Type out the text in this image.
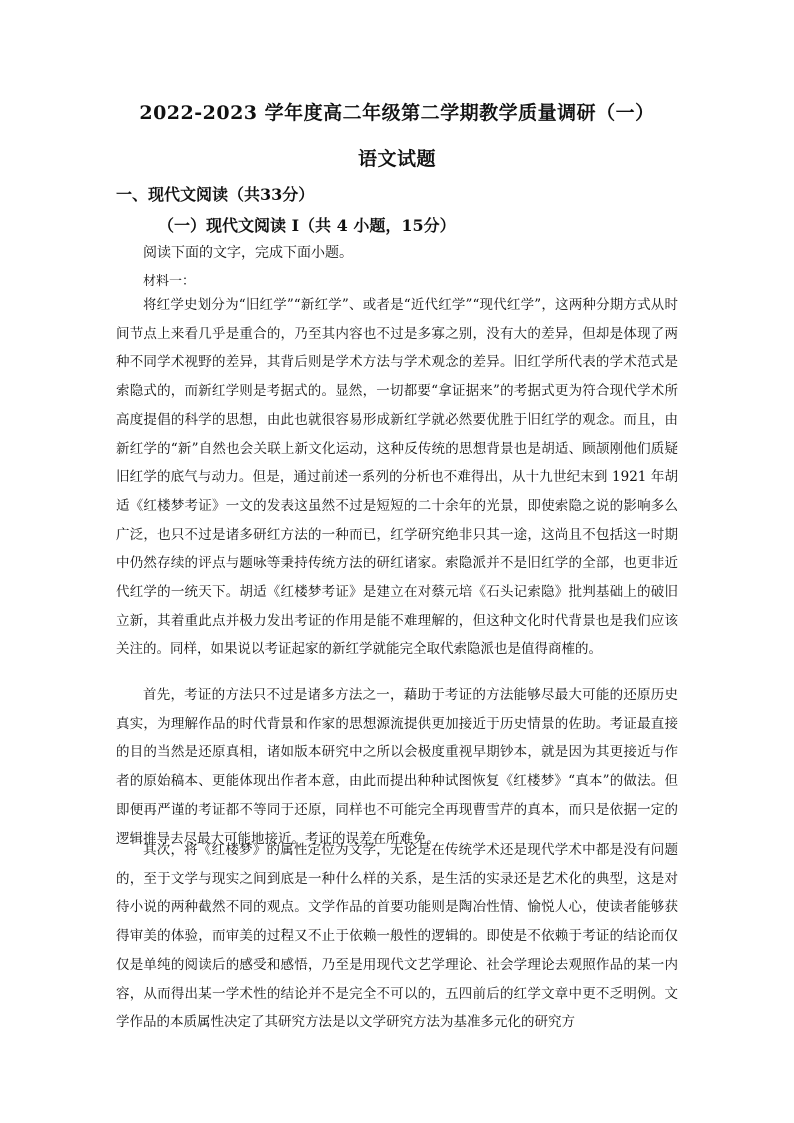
2022-2023 学年度高二年级第二学期教学质量调研（一）
语文试题
一、现代文阅读（共33分）
（一）现代文阅读 I（共 4 小题，15分）
阅读下面的文字，完成下面小题。
材料一：

将红学史划分为“旧红学”“新红学”、或者是“近代红学”“现代红学”，这两种分期方式从时间节点上来看几乎是重合的，乃至其内容也不过是多寡之别，没有大的差异，但却是体现了两种不同学术视野的差异，其背后则是学术方法与学术观念的差异。旧红学所代表的学术范式是索隐式的，而新红学则是考据式的。显然，一切都要“拿证据来”的考据式更为符合现代学术所高度提倡的科学的思想，由此也就很容易形成新红学就必然要优胜于旧红学的观念。而且，由新红学的“新”自然也会关联上新文化运动，这种反传统的思想背景也是胡适、顾颉刚他们质疑旧红学的底气与动力。但是，通过前述一系列的分析也不难得出，从十九世纪末到 1921 年胡适《红楼梦考证》一文的发表这虽然不过是短短的二十余年的光景，即使索隐之说的影响多么广泛，也只不过是诸多研红方法的一种而已，红学研究绝非只其一途，这尚且不包括这一时期中仍然存续的评点与题咏等秉持传统方法的研红诸家。索隐派并不是旧红学的全部，也更非近代红学的一统天下。胡适《红楼梦考证》是建立在对蔡元培《石头记索隐》批判基础上的破旧立新，其着重此点并极力发出考证的作用是能不难理解的，但这种文化时代背景也是我们应该关注的。同样，如果说以考证起家的新红学就能完全取代索隐派也是值得商榷的。

首先，考证的方法只不过是诸多方法之一，藉助于考证的方法能够尽最大可能的还原历史真实，为理解作品的时代背景和作家的思想源流提供更加接近于历史情景的佐助。考证最直接的目的当然是还原真相，诸如版本研究中之所以会极度重视早期钞本，就是因为其更接近与作者的原始稿本、更能体现出作者本意，由此而提出种种试图恢复《红楼梦》“真本”的做法。但即便再严谨的考证都不等同于还原，同样也不可能完全再现曹雪芹的真本，而只是依据一定的逻辑推导去尽最大可能地接近。考证的误差在所难免。

其次，将《红楼梦》的属性定位为文学，无论是在传统学术还是现代学术中都是没有问题的，至于文学与现实之间到底是一种什么样的关系，是生活的实录还是艺术化的典型，这是对待小说的两种截然不同的观点。文学作品的首要功能则是陶冶性情、愉悦人心，使读者能够获得审美的体验，而审美的过程又不止于依赖一般性的逻辑的。即使是不依赖于考证的结论而仅仅是单纯的阅读后的感受和感悟，乃至是用现代文艺学理论、社会学理论去观照作品的某一内容，从而得出某一学术性的结论并不是完全不可以的，五四前后的红学文章中更不乏明例。文学作品的本质属性决定了其研究方法是以文学研究方法为基准多元化的研究方
